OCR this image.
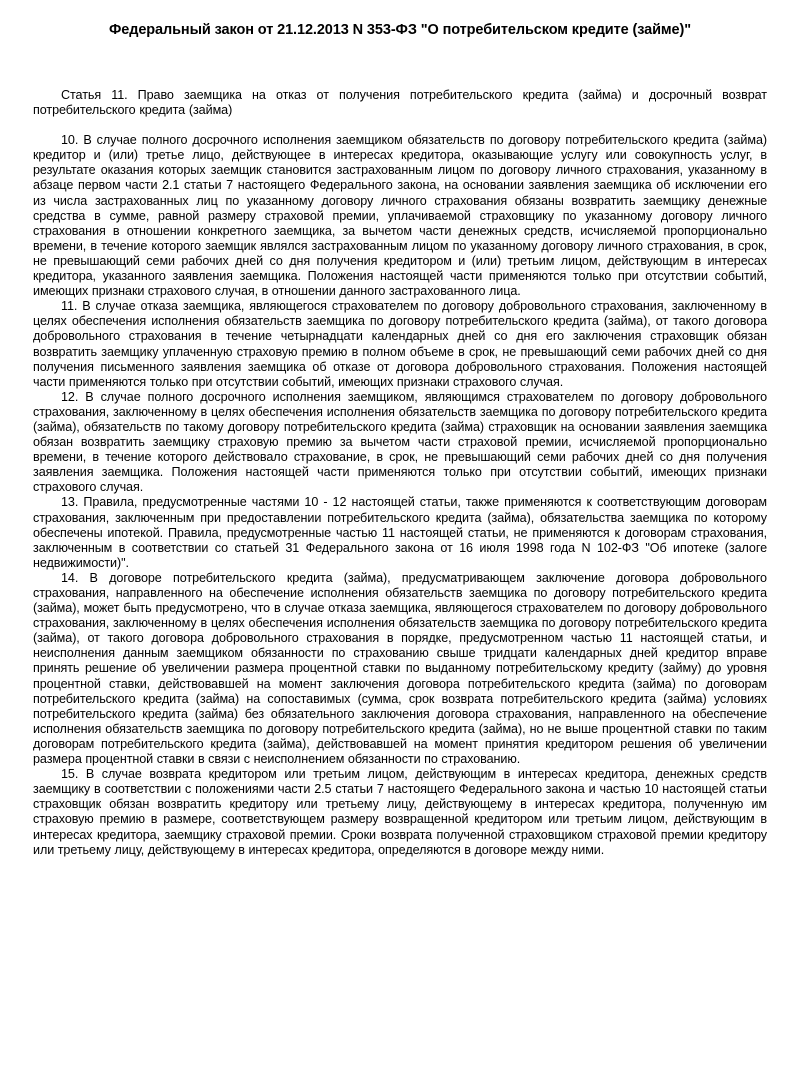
Федеральный закон от 21.12.2013 N 353-ФЗ "О потребительском кредите (займе)"

Статья 11. Право заемщика на отказ от получения потребительского кредита (займа) и досрочный возврат потребительского кредита (займа)

10. В случае полного досрочного исполнения заемщиком обязательств по договору потребительского кредита (займа) кредитор и (или) третье лицо, действующее в интересах кредитора, оказывающие услугу или совокупность услуг, в результате оказания которых заемщик становится застрахованным лицом по договору личного страхования, указанному в абзаце первом части 2.1 статьи 7 настоящего Федерального закона, на основании заявления заемщика об исключении его из числа застрахованных лиц по указанному договору личного страхования обязаны возвратить заемщику денежные средства в сумме, равной размеру страховой премии, уплачиваемой страховщику по указанному договору личного страхования в отношении конкретного заемщика, за вычетом части денежных средств, исчисляемой пропорционально времени, в течение которого заемщик являлся застрахованным лицом по указанному договору личного страхования, в срок, не превышающий семи рабочих дней со дня получения кредитором и (или) третьим лицом, действующим в интересах кредитора, указанного заявления заемщика. Положения настоящей части применяются только при отсутствии событий, имеющих признаки страхового случая, в отношении данного застрахованного лица.

11. В случае отказа заемщика, являющегося страхователем по договору добровольного страхования, заключенному в целях обеспечения исполнения обязательств заемщика по договору потребительского кредита (займа), от такого договора добровольного страхования в течение четырнадцати календарных дней со дня его заключения страховщик обязан возвратить заемщику уплаченную страховую премию в полном объеме в срок, не превышающий семи рабочих дней со дня получения письменного заявления заемщика об отказе от договора добровольного страхования. Положения настоящей части применяются только при отсутствии событий, имеющих признаки страхового случая.

12. В случае полного досрочного исполнения заемщиком, являющимся страхователем по договору добровольного страхования, заключенному в целях обеспечения исполнения обязательств заемщика по договору потребительского кредита (займа), обязательств по такому договору потребительского кредита (займа) страховщик на основании заявления заемщика обязан возвратить заемщику страховую премию за вычетом части страховой премии, исчисляемой пропорционально времени, в течение которого действовало страхование, в срок, не превышающий семи рабочих дней со дня получения заявления заемщика. Положения настоящей части применяются только при отсутствии событий, имеющих признаки страхового случая.

13. Правила, предусмотренные частями 10 - 12 настоящей статьи, также применяются к соответствующим договорам страхования, заключенным при предоставлении потребительского кредита (займа), обязательства заемщика по которому обеспечены ипотекой. Правила, предусмотренные частью 11 настоящей статьи, не применяются к договорам страхования, заключенным в соответствии со статьей 31 Федерального закона от 16 июля 1998 года N 102-ФЗ "Об ипотеке (залоге недвижимости)".

14. В договоре потребительского кредита (займа), предусматривающем заключение договора добровольного страхования, направленного на обеспечение исполнения обязательств заемщика по договору потребительского кредита (займа), может быть предусмотрено, что в случае отказа заемщика, являющегося страхователем по договору добровольного страхования, заключенному в целях обеспечения исполнения обязательств заемщика по договору потребительского кредита (займа), от такого договора добровольного страхования в порядке, предусмотренном частью 11 настоящей статьи, и неисполнения данным заемщиком обязанности по страхованию свыше тридцати календарных дней кредитор вправе принять решение об увеличении размера процентной ставки по выданному потребительскому кредиту (займу) до уровня процентной ставки, действовавшей на момент заключения договора потребительского кредита (займа) по договорам потребительского кредита (займа) на сопоставимых (сумма, срок возврата потребительского кредита (займа) условиях потребительского кредита (займа) без обязательного заключения договора страхования, направленного на обеспечение исполнения обязательств заемщика по договору потребительского кредита (займа), но не выше процентной ставки по таким договорам потребительского кредита (займа), действовавшей на момент принятия кредитором решения об увеличении размера процентной ставки в связи с неисполнением обязанности по страхованию.

15. В случае возврата кредитором или третьим лицом, действующим в интересах кредитора, денежных средств заемщику в соответствии с положениями части 2.5 статьи 7 настоящего Федерального закона и частью 10 настоящей статьи страховщик обязан возвратить кредитору или третьему лицу, действующему в интересах кредитора, полученную им страховую премию в размере, соответствующем размеру возвращенной кредитором или третьим лицом, действующим в интересах кредитора, заемщику страховой премии. Сроки возврата полученной страховщиком страховой премии кредитору или третьему лицу, действующему в интересах кредитора, определяются в договоре между ними.
